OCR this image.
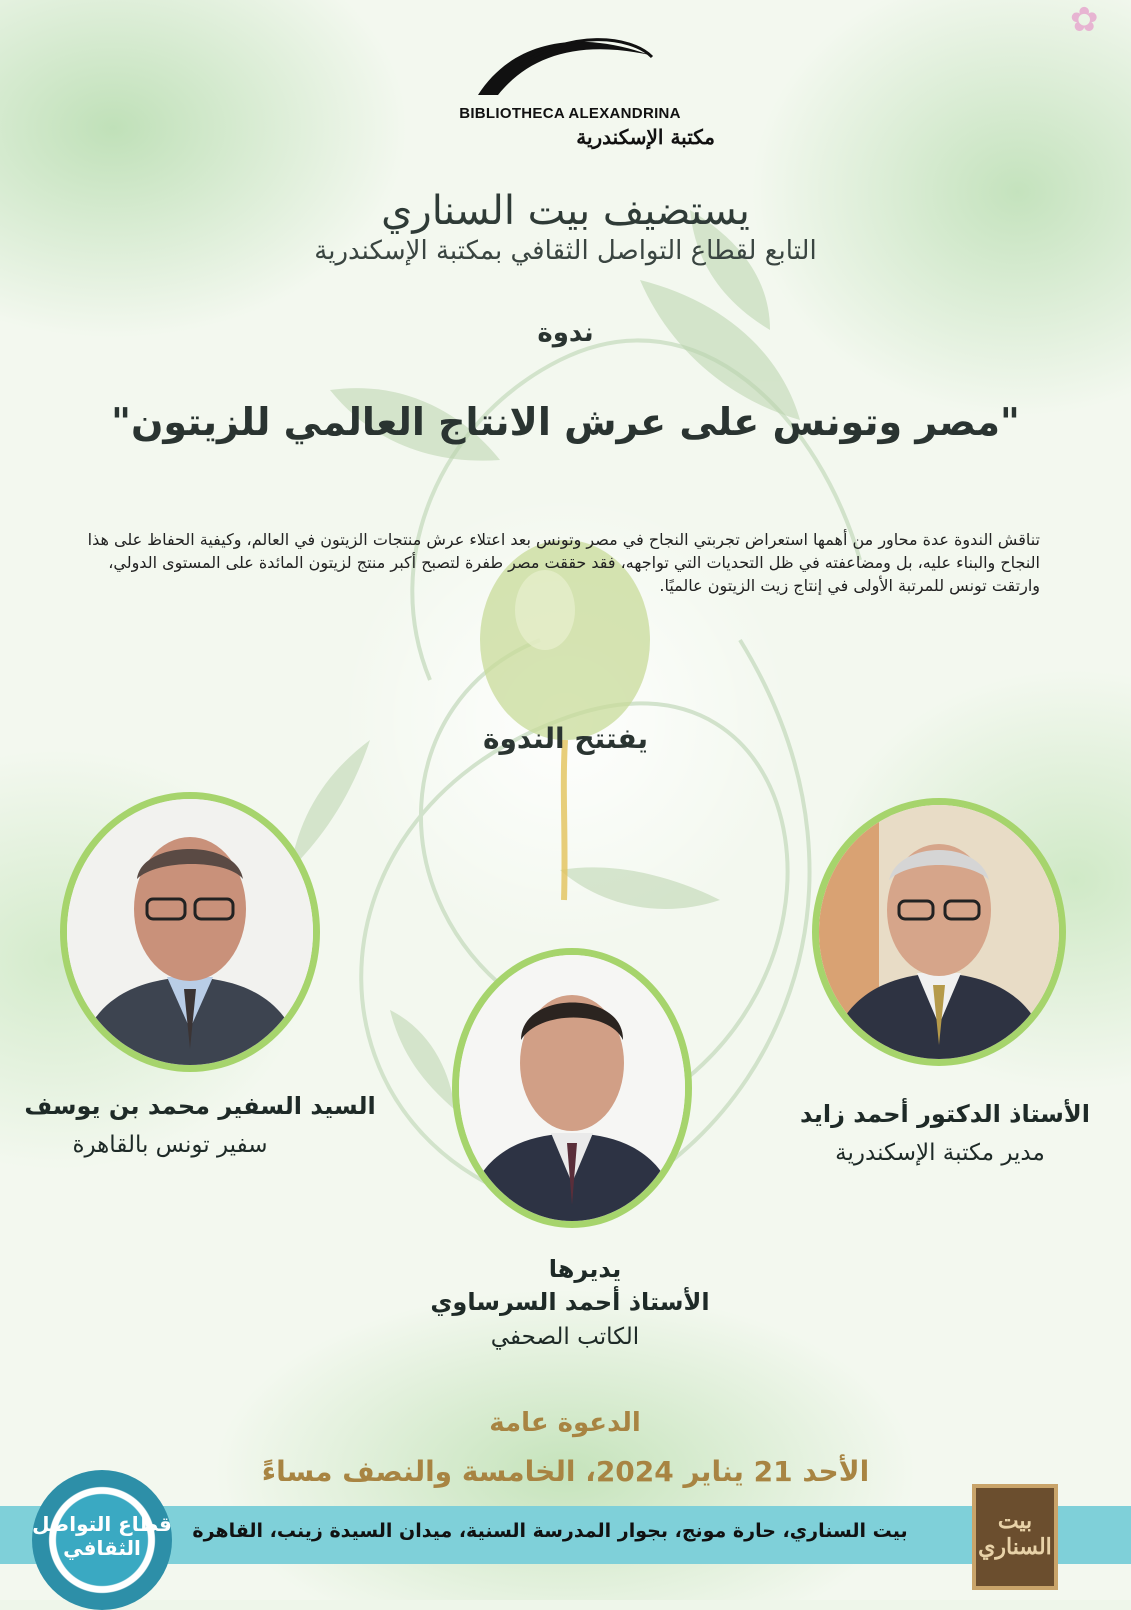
✿
BIBLIOTHECA ALEXANDRINA
مكتبة الإسكندرية
يستضيف بيت السناري
التابع لقطاع التواصل الثقافي بمكتبة الإسكندرية
ندوة
"مصر وتونس على عرش الانتاج العالمي للزيتون"
تناقش الندوة عدة محاور من أهمها استعراض تجربتي النجاح في مصر وتونس بعد اعتلاء عرش منتجات الزيتون في العالم، وكيفية الحفاظ على هذا النجاح والبناء عليه، بل ومضاعفته في ظل التحديات التي تواجهه، فقد حققت مصر طفرة لتصبح أكبر منتج لزيتون المائدة على المستوى الدولي، وارتقت تونس للمرتبة الأولى في إنتاج زيت الزيتون عالميًا.
يفتتح الندوة
السيد السفير محمد بن يوسف
سفير تونس بالقاهرة
الأستاذ الدكتور أحمد زايد
مدير مكتبة الإسكندرية
يديرها
الأستاذ أحمد السرساوي
الكاتب الصحفي
الدعوة عامة
الأحد 21 يناير 2024، الخامسة والنصف مساءً
بيت السناري، حارة مونج، بجوار المدرسة السنية، ميدان السيدة زينب، القاهرة
قطاع التواصل الثقافي
بيت السناري
